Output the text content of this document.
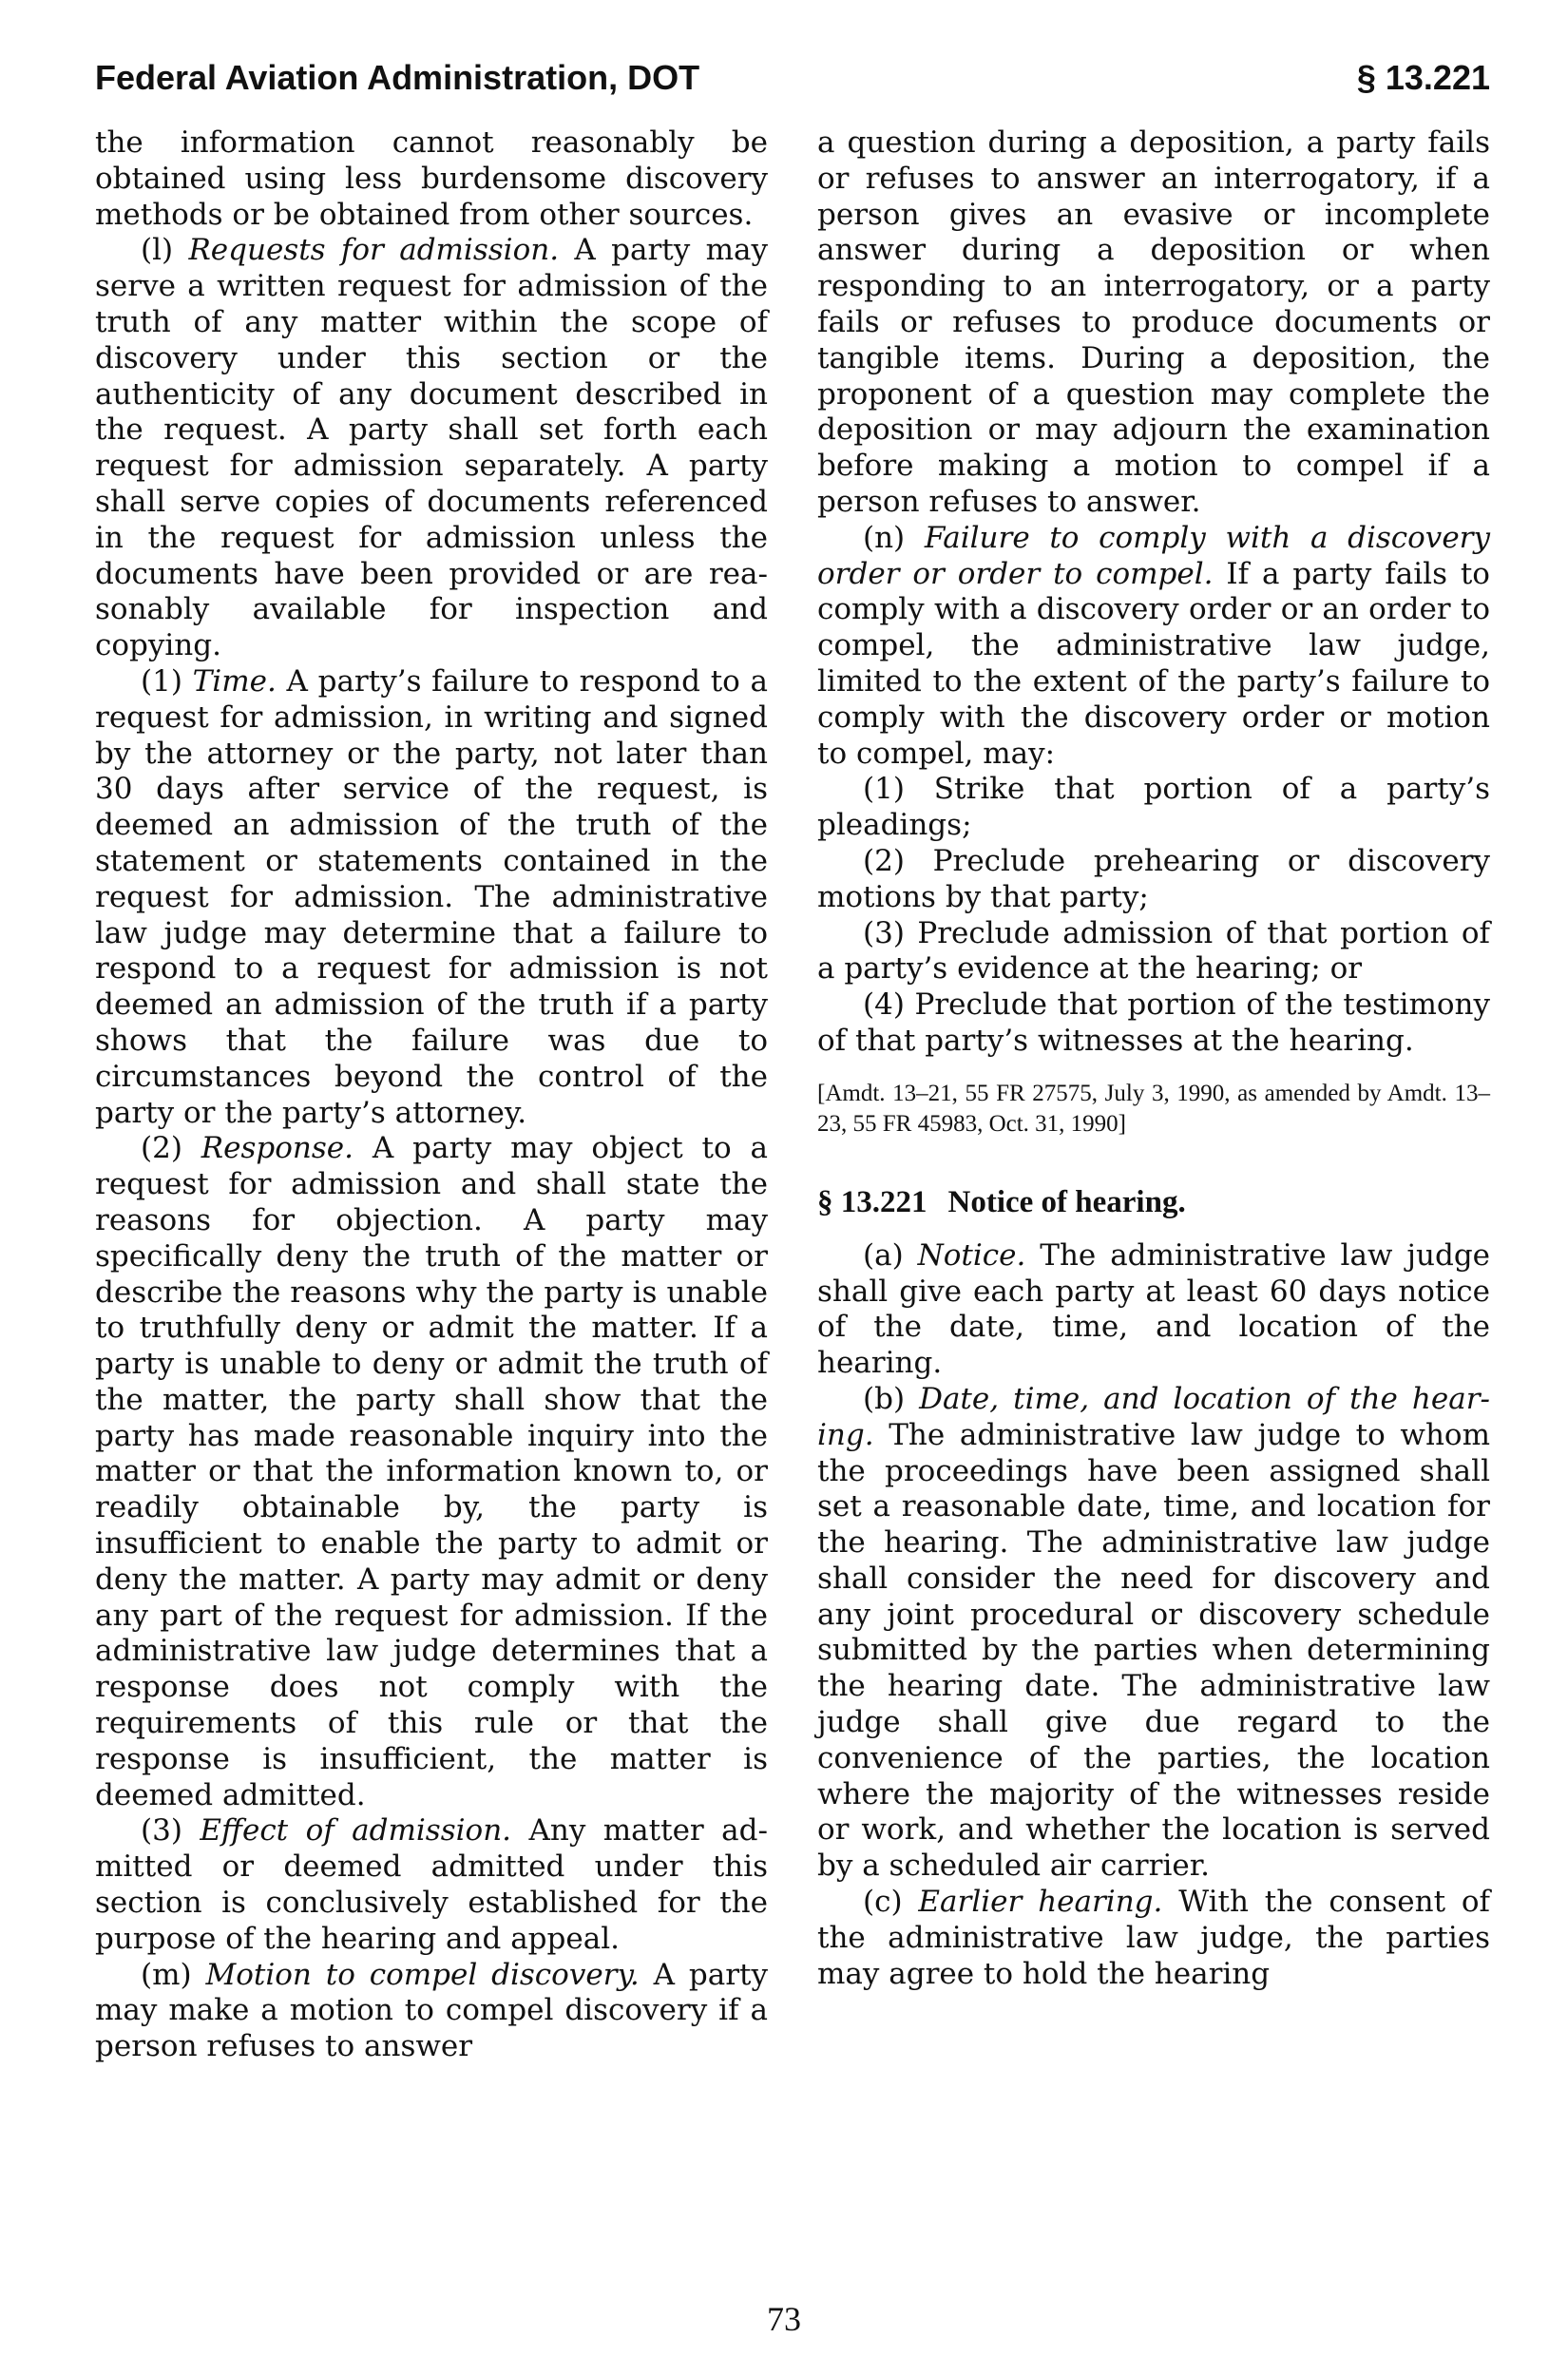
Federal Aviation Administration, DOT	§ 13.221

the information cannot reasonably be obtained using less burdensome discovery methods or be obtained from other sources.

(l) Requests for admission. A party may serve a written request for admission of the truth of any matter within the scope of discovery under this section or the authenticity of any document described in the request. A party shall set forth each request for admission separately. A party shall serve copies of documents referenced in the request for admission unless the documents have been provided or are reasonably available for inspection and copying.

(1) Time. A party’s failure to respond to a request for admission, in writing and signed by the attorney or the party, not later than 30 days after service of the request, is deemed an admission of the truth of the statement or statements contained in the request for admission. The administrative law judge may determine that a failure to respond to a request for admission is not deemed an admission of the truth if a party shows that the failure was due to circumstances beyond the control of the party or the party’s attorney.

(2) Response. A party may object to a request for admission and shall state the reasons for objection. A party may specifically deny the truth of the matter or describe the reasons why the party is unable to truthfully deny or admit the matter. If a party is unable to deny or admit the truth of the matter, the party shall show that the party has made reasonable inquiry into the matter or that the information known to, or readily obtainable by, the party is insufficient to enable the party to admit or deny the matter. A party may admit or deny any part of the request for admission. If the administrative law judge determines that a response does not comply with the requirements of this rule or that the response is insufficient, the matter is deemed admitted.

(3) Effect of admission. Any matter admitted or deemed admitted under this section is conclusively established for the purpose of the hearing and appeal.

(m) Motion to compel discovery. A party may make a motion to compel discovery if a person refuses to answer

a question during a deposition, a party fails or refuses to answer an interrogatory, if a person gives an evasive or incomplete answer during a deposition or when responding to an interrogatory, or a party fails or refuses to produce documents or tangible items. During a deposition, the proponent of a question may complete the deposition or may adjourn the examination before making a motion to compel if a person refuses to answer.

(n) Failure to comply with a discovery order or order to compel. If a party fails to comply with a discovery order or an order to compel, the administrative law judge, limited to the extent of the party’s failure to comply with the discovery order or motion to compel, may:

(1) Strike that portion of a party’s pleadings;

(2) Preclude prehearing or discovery motions by that party;

(3) Preclude admission of that portion of a party’s evidence at the hearing; or

(4) Preclude that portion of the testimony of that party’s witnesses at the hearing.

[Amdt. 13–21, 55 FR 27575, July 3, 1990, as amended by Amdt. 13–23, 55 FR 45983, Oct. 31, 1990]

§ 13.221 Notice of hearing.

(a) Notice. The administrative law judge shall give each party at least 60 days notice of the date, time, and location of the hearing.

(b) Date, time, and location of the hearing. The administrative law judge to whom the proceedings have been assigned shall set a reasonable date, time, and location for the hearing. The administrative law judge shall consider the need for discovery and any joint procedural or discovery schedule submitted by the parties when determining the hearing date. The administrative law judge shall give due regard to the convenience of the parties, the location where the majority of the witnesses reside or work, and whether the location is served by a scheduled air carrier.

(c) Earlier hearing. With the consent of the administrative law judge, the parties may agree to hold the hearing

73
